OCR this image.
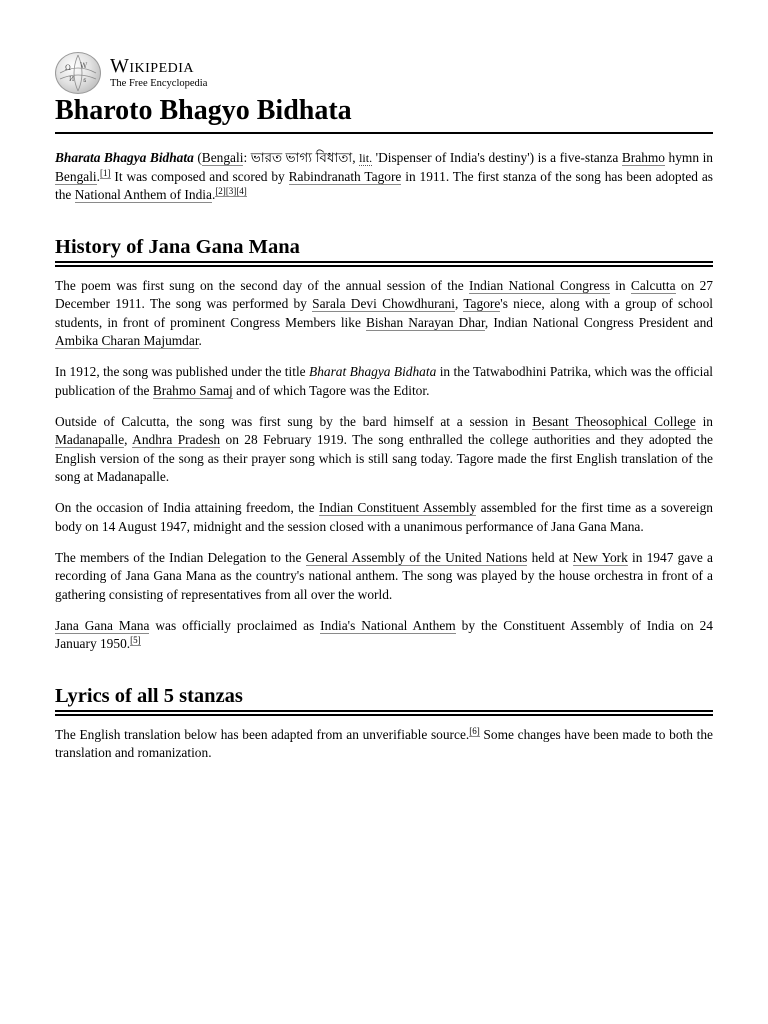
Ω W
И ธ
Wikipedia
The Free Encyclopedia
Bharoto Bhagyo Bidhata

Bharata Bhagya Bidhata (Bengali: ভারত ভাগ্য বিধাতা, lit. 'Dispenser of India's destiny') is a five-stanza Brahmo hymn in Bengali.[1] It was composed and scored by Rabindranath Tagore in 1911. The first stanza of the song has been adopted as the National Anthem of India.[2][3][4]

History of Jana Gana Mana

The poem was first sung on the second day of the annual session of the Indian National Congress in Calcutta on 27 December 1911. The song was performed by Sarala Devi Chowdhurani, Tagore's niece, along with a group of school students, in front of prominent Congress Members like Bishan Narayan Dhar, Indian National Congress President and Ambika Charan Majumdar.

In 1912, the song was published under the title Bharat Bhagya Bidhata in the Tatwabodhini Patrika, which was the official publication of the Brahmo Samaj and of which Tagore was the Editor.

Outside of Calcutta, the song was first sung by the bard himself at a session in Besant Theosophical College in Madanapalle, Andhra Pradesh on 28 February 1919. The song enthralled the college authorities and they adopted the English version of the song as their prayer song which is still sang today. Tagore made the first English translation of the song at Madanapalle.

On the occasion of India attaining freedom, the Indian Constituent Assembly assembled for the first time as a sovereign body on 14 August 1947, midnight and the session closed with a unanimous performance of Jana Gana Mana.

The members of the Indian Delegation to the General Assembly of the United Nations held at New York in 1947 gave a recording of Jana Gana Mana as the country's national anthem. The song was played by the house orchestra in front of a gathering consisting of representatives from all over the world.

Jana Gana Mana was officially proclaimed as India's National Anthem by the Constituent Assembly of India on 24 January 1950.[5]

Lyrics of all 5 stanzas

The English translation below has been adapted from an unverifiable source.[6] Some changes have been made to both the translation and romanization.
